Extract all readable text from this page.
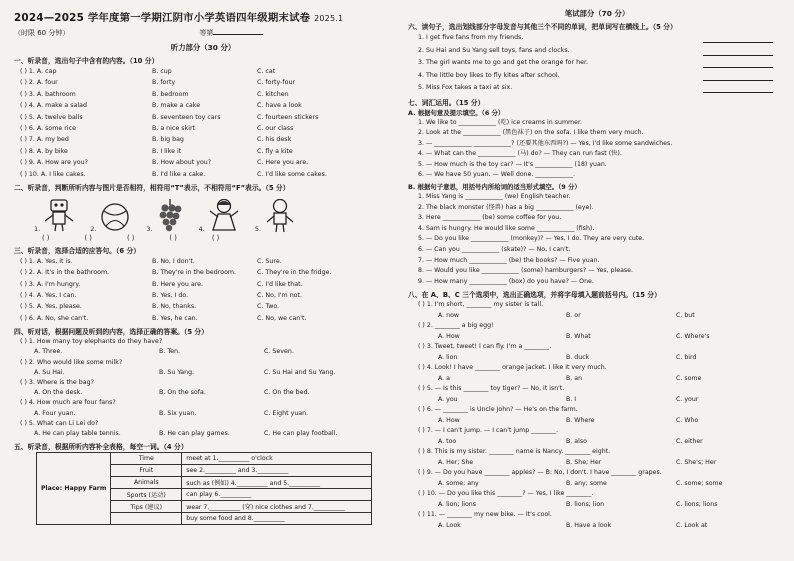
2024—2025 学年度第一学期江阴市小学英语四年级期末试卷 2025.1
（时限 60 分钟）	等第
听力部分（30 分）
一、听录音，选出句子中含有的内容。（10 分）
( ) 1. A. cap	B. cup	C. cat
( ) 2. A. four	B. forty	C. forty-four
( ) 3. A. bathroom	B. bedroom	C. kitchen
( ) 4. A. make a salad	B. make a cake	C. have a look
( ) 5. A. twelve balls	B. seventeen toy cars	C. fourteen stickers
( ) 6. A. some rice	B. a nice skirt	C. our class
( ) 7. A. my bed	B. big bag	C. his desk
( ) 8. A. by bike	B. I like it	C. fly a kite
( ) 9. A. How are you?	B. How about you?	C. Here you are.
( ) 10. A. I like cakes.	B. I'd like a cake.	C. I'd like some cakes.
二、听录音，判断所听内容与图片是否相符，相符用“T”表示，不相符用“F”表示。（5 分）
1.	2.	3.	4.	5.
( )	( )	( )	( )	( )
三、听录音，选择合适的应答句。（6 分）
( ) 1. A. Yes, it is.	B. No, I don't.	C. Sure.
( ) 2. A. It's in the bathroom.	B. They're in the bedroom.	C. They're in the fridge.
( ) 3. A. I'm hungry.	B. Here you are.	C. I'd like that.
( ) 4. A. Yes, I can.	B. Yes, I do.	C. No, I'm not.
( ) 5. A. Yes, please.	B. No, thanks.	C. Two.
( ) 6. A. No, she can't.	B. Yes, he can.	C. No, we can't.
四、听对话，根据问题及听到的内容，选择正确的答案。（5 分）
( ) 1. How many toy elephants do they have?
A. Three.	B. Ten.	C. Seven.
( ) 2. Who would like some milk?
A. Su Hai.	B. Su Yang.	C. Su Hai and Su Yang.
( ) 3. Where is the bag?
A. On the desk.	B. On the sofa.	C. On the bed.
( ) 4. How much are four fans?
A. Four yuan.	B. Six yuan.	C. Eight yuan.
( ) 5. What can Li Lei do?
A. He can play table tennis.	B. He can play games.	C. He can play football.
五、听录音，根据所听内容补全表格，每空一词。（4 分）
Place: Happy Farm	Time	meet at 1.__________ o'clock
	Fruit	see 2.__________ and 3.__________
	Animals	such as (例如) 4.__________ and 5.__________
	Sports (运动)	can play 6.__________
	Tips (建议)	wear 7.__________ (穿) nice clothes and 7.__________
		buy some food and 8.__________
笔试部分（70 分）
六、读句子，选出划线部分字母发音与其他三个不同的单词，把单词写在横线上。（5 分）
1. I get five fans from my friends.
2. Su Hai and Su Yang sell toys, fans and clocks.
3. The girl wants me to go and get the orange for her.
4. The little boy likes to fly kites after school.
5. Miss Fox takes a taxi at six.
七、词汇运用。（15 分）
A. 根据句意及提示填空。（6 分）
1. We like to ____________ (吃) ice creams in summer.
2. Look at the ____________ (黑色袜子) on the sofa. I like them very much.
3. — ____________ ____________? (还要其他东西吗?) — Yes, I'd like some sandwiches.
4. — What can the ____________ (马) do? — They can run fast (快).
5. — How much is the toy car? — It's ____________ (18) yuan.
6. — We have 50 yuan. — Well done. ____________.
B. 根据句子意思，用括号内所给词的适当形式填空。（9 分）
1. Miss Yang is ____________ (we) English teacher.
2. The black monster (怪兽) has a big ____________ (eye).
3. Here ____________ (be) some coffee for you.
4. Sam is hungry. He would like some ____________ (fish).
5. — Do you like ____________ (monkey)? — Yes, I do. They are very cute.
6. — Can you ____________ (skate)? — No, I can't.
7. — How much ____________ (be) the books? — Five yuan.
8. — Would you like ____________ (some) hamburgers? — Yes, please.
9. — How many ____________ (box) do you have? — One.
八、在 A、B、C 三个选项中，选出正确选项，并将字母填入题前括号内。（15 分）
( ) 1. I'm short, ________ my sister is tall.
A. now	B. or	C. but
( ) 2. ________ a big egg!
A. How	B. What	C. Where's
( ) 3. Tweet, tweet! I can fly. I'm a ________.
A. lion	B. duck	C. bird
( ) 4. Look! I have ________ orange jacket. I like it very much.
A. a	B. an	C. some
( ) 5. — Is this ________ toy tiger? — No, it isn't.
A. you	B. I	C. your
( ) 6. — ________ is Uncle John? — He's on the farm.
A. How	B. Where	C. Who
( ) 7. — I can't jump. — I can't jump ________.
A. too	B. also	C. either
( ) 8. This is my sister. ________ name is Nancy. ________ eight.
A. Her; She	B. She; Her	C. She's; Her
( ) 9. — Do you have ________ apples? — B: No, I don't. I have ________ grapes.
A. some; any	B. any; some	C. some; some
( ) 10. — Do you like this ________? — Yes, I like ________.
A. lion; lions	B. lions; lion	C. lions; lions
( ) 11. — ________ my new bike. — It's cool.
A. Look	B. Have a look	C. Look at
